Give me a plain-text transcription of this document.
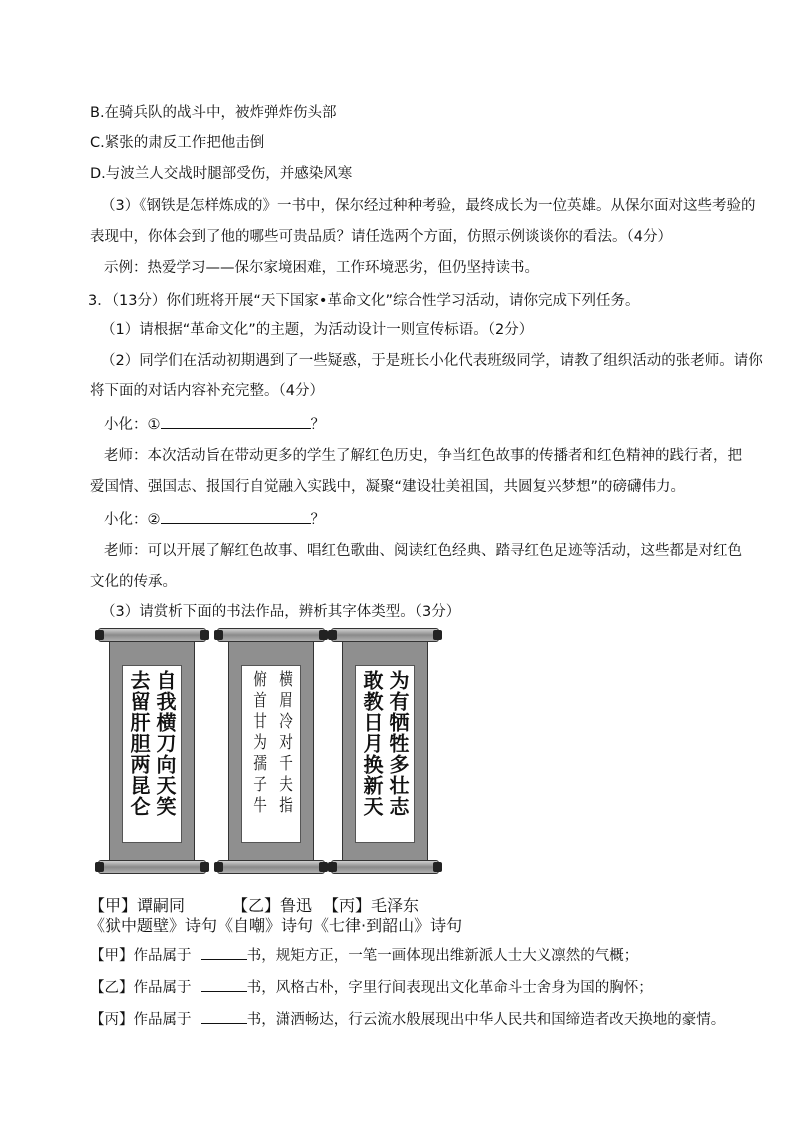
B.在骑兵队的战斗中，被炸弹炸伤头部
C.紧张的肃反工作把他击倒
D.与波兰人交战时腿部受伤，并感染风寒
（3）《钢铁是怎样炼成的》一书中，保尔经过种种考验，最终成长为一位英雄。从保尔面对这些考验的
表现中，你体会到了他的哪些可贵品质？请任选两个方面，仿照示例谈谈你的看法。（4分）
示例：热爱学习——保尔家境困难，工作环境恶劣，但仍坚持读书。
3．（13分）你们班将开展“天下国家•革命文化”综合性学习活动，请你完成下列任务。
（1）请根据“革命文化”的主题，为活动设计一则宣传标语。（2分）
（2）同学们在活动初期遇到了一些疑惑，于是班长小化代表班级同学，请教了组织活动的张老师。请你
将下面的对话内容补充完整。（4分）
小化：①	？
老师：本次活动旨在带动更多的学生了解红色历史，争当红色故事的传播者和红色精神的践行者，把
爱国情、强国志、报国行自觉融入实践中，凝聚“建设壮美祖国，共圆复兴梦想”的磅礴伟力。
小化：②	？
老师：可以开展了解红色故事、唱红色歌曲、阅读红色经典、踏寻红色足迹等活动，这些都是对红色
文化的传承。
（3）请赏析下面的书法作品，辨析其字体类型。（3分）
自我横刀向天笑
去留肝胆两昆仑	横眉冷对千夫指
俯首甘为孺子牛	为有牺牲多壮志
敢教日月换新天
【甲】谭嗣同	【乙】鲁迅 【丙】毛泽东
《狱中题壁》诗句《自嘲》诗句《七律·到韶山》诗句
【甲】作品属于	书，规矩方正，一笔一画体现出维新派人士大义凛然的气概；
【乙】作品属于	书，风格古朴，字里行间表现出文化革命斗士舍身为国的胸怀；
【丙】作品属于	书，潇洒畅达，行云流水般展现出中华人民共和国缔造者改天换地的豪情。
